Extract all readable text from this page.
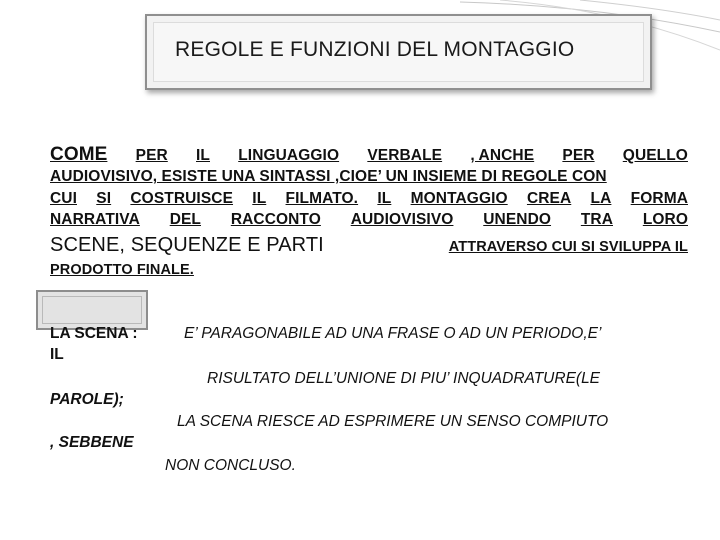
REGOLE E FUNZIONI DEL MONTAGGIO
COME PER IL LINGUAGGIO VERBALE , ANCHE PER QUELLO
AUDIOVISIVO, ESISTE UNA SINTASSI ,CIOE’ UN INSIEME DI REGOLE CON
CUI SI COSTRUISCE IL FILMATO. IL MONTAGGIO CREA LA FORMA
NARRATIVA DEL RACCONTO AUDIOVISIVO UNENDO TRA LORO
SCENE, SEQUENZE E PARTI	ATTRAVERSO CUI SI SVILUPPA IL
PRODOTTO FINALE.
LA SCENA :
IL
E’ PARAGONABILE AD UNA FRASE O AD UN PERIODO,E’
RISULTATO DELL’UNIONE DI PIU’ INQUADRATURE(LE
PAROLE);
LA SCENA RIESCE AD ESPRIMERE UN SENSO COMPIUTO
, SEBBENE
NON CONCLUSO.
